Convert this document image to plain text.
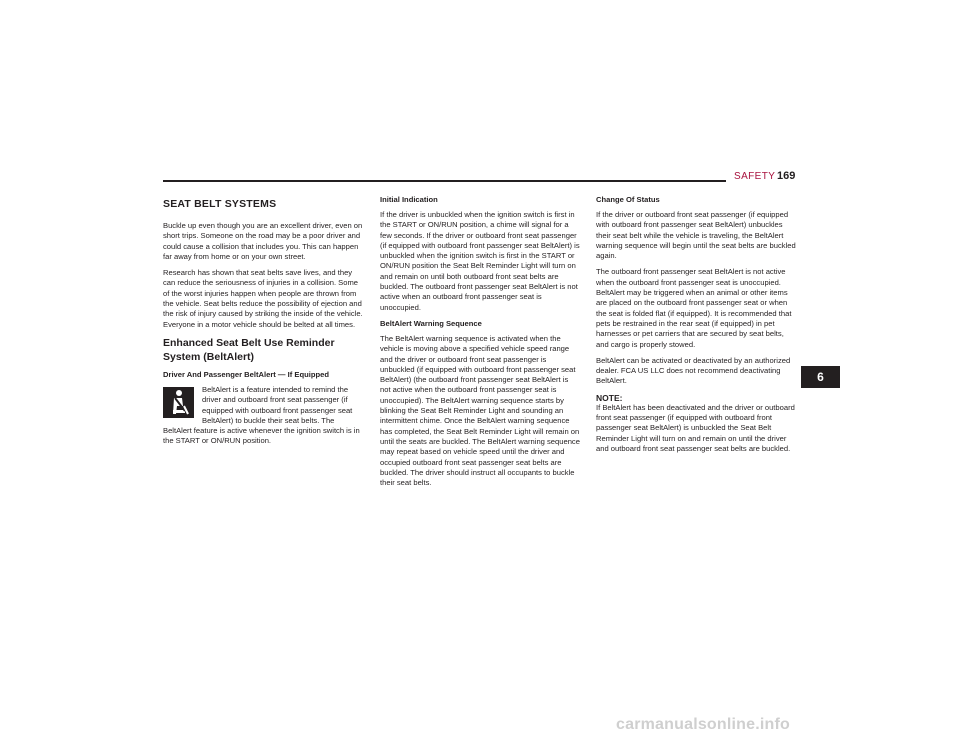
SAFETY 169
SEAT BELT SYSTEMS

Buckle up even though you are an excellent driver, even on short trips. Someone on the road may be a poor driver and could cause a collision that includes you. This can happen far away from home or on your own street.

Research has shown that seat belts save lives, and they can reduce the seriousness of injuries in a collision. Some of the worst injuries happen when people are thrown from the vehicle. Seat belts reduce the possibility of ejection and the risk of injury caused by striking the inside of the vehicle. Everyone in a motor vehicle should be belted at all times.

Enhanced Seat Belt Use Reminder System (BeltAlert)
Driver And Passenger BeltAlert — If Equipped

BeltAlert is a feature intended to remind the driver and outboard front seat passenger (if equipped with outboard front passenger seat BeltAlert) to buckle their seat belts. The BeltAlert feature is active whenever the ignition switch is in the START or ON/RUN position.

Initial Indication

If the driver is unbuckled when the ignition switch is first in the START or ON/RUN position, a chime will signal for a few seconds. If the driver or outboard front seat passenger (if equipped with outboard front passenger seat BeltAlert) is unbuckled when the ignition switch is first in the START or ON/RUN position the Seat Belt Reminder Light will turn on and remain on until both outboard front seat belts are buckled. The outboard front passenger seat BeltAlert is not active when an outboard front passenger seat is unoccupied.

BeltAlert Warning Sequence

The BeltAlert warning sequence is activated when the vehicle is moving above a specified vehicle speed range and the driver or outboard front seat passenger is unbuckled (if equipped with outboard front passenger seat BeltAlert) (the outboard front passenger seat BeltAlert is not active when the outboard front passenger seat is unoccupied). The BeltAlert warning sequence starts by blinking the Seat Belt Reminder Light and sounding an intermittent chime. Once the BeltAlert warning sequence has completed, the Seat Belt Reminder Light will remain on until the seats are buckled. The BeltAlert warning sequence may repeat based on vehicle speed until the driver and occupied outboard front seat passenger seat belts are buckled. The driver should instruct all occupants to buckle their seat belts.

Change Of Status

If the driver or outboard front seat passenger (if equipped with outboard front passenger seat BeltAlert) unbuckles their seat belt while the vehicle is traveling, the BeltAlert warning sequence will begin until the seat belts are buckled again.

The outboard front passenger seat BeltAlert is not active when the outboard front passenger seat is unoccupied. BeltAlert may be triggered when an animal or other items are placed on the outboard front passenger seat or when the seat is folded flat (if equipped). It is recommended that pets be restrained in the rear seat (if equipped) in pet harnesses or pet carriers that are secured by seat belts, and cargo is properly stowed.

BeltAlert can be activated or deactivated by an authorized dealer. FCA US LLC does not recommend deactivating BeltAlert.

NOTE:

If BeltAlert has been deactivated and the driver or outboard front seat passenger (if equipped with outboard front passenger seat BeltAlert) is unbuckled the Seat Belt Reminder Light will turn on and remain on until the driver and outboard front seat passenger seat belts are buckled.

6
carmanualsonline.info
